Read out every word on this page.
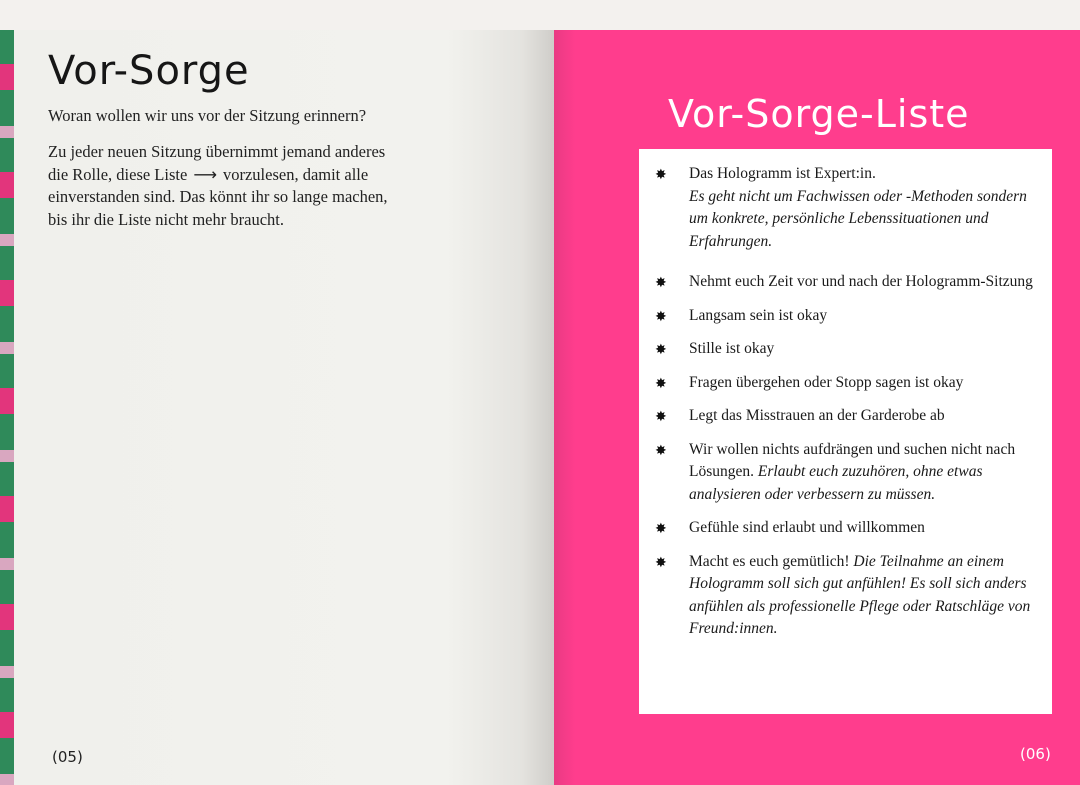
Vor-Sorge

Woran wollen wir uns vor der Sitzung erinnern?

Zu jeder neuen Sitzung übernimmt jemand anderes die Rolle, diese Liste ⟶ vorzulesen, damit alle einverstanden sind. Das könnt ihr so lange machen, bis ihr die Liste nicht mehr braucht.

(05)
Vor-Sorge-Liste
✸ Das Hologramm ist Expert:in.
Es geht nicht um Fachwissen oder -Methoden sondern um konkrete, persönliche Lebenssituationen und Erfahrungen.
✸ Nehmt euch Zeit vor und nach der Hologramm-Sitzung
✸ Langsam sein ist okay
✸ Stille ist okay
✸ Fragen übergehen oder Stopp sagen ist okay
✸ Legt das Misstrauen an der Garderobe ab
✸ Wir wollen nichts aufdrängen und suchen nicht nach Lösungen. Erlaubt euch zuzuhören, ohne etwas analysieren oder verbessern zu müssen.
✸ Gefühle sind erlaubt und willkommen
✸ Macht es euch gemütlich! Die Teilnahme an einem Hologramm soll sich gut anfühlen! Es soll sich anders anfühlen als professionelle Pflege oder Ratschläge von Freund:innen.
(06)
